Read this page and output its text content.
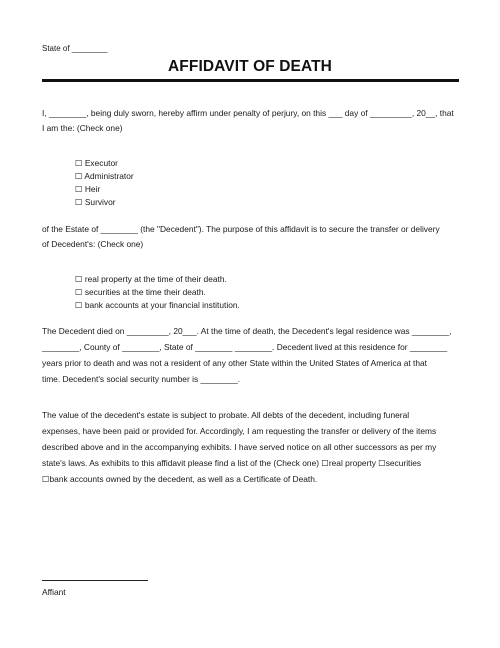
State of ________
AFFIDAVIT OF DEATH
I, ________, being duly sworn, hereby affirm under penalty of perjury, on this ___ day of _________, 20__, that
I am the: (Check one)
☐ Executor
☐ Administrator
☐ Heir
☐ Survivor
of the Estate of ________ (the "Decedent"). The purpose of this affidavit is to secure the transfer or delivery
of Decedent's: (Check one)
☐ real property at the time of their death.
☐ securities at the time their death.
☐ bank accounts at your financial institution.
The Decedent died on _________, 20___. At the time of death, the Decedent's legal residence was ________,
________, County of ________, State of ________ ________. Decedent lived at this residence for ________
years prior to death and was not a resident of any other State within the United States of America at that
time. Decedent's social security number is ________.
The value of the decedent's estate is subject to probate. All debts of the decedent, including funeral
expenses, have been paid or provided for. Accordingly, I am requesting the transfer or delivery of the items
described above and in the accompanying exhibits. I have served notice on all other successors as per my
state's laws. As exhibits to this affidavit please find a list of the (Check one) ☐real property ☐securities
☐bank accounts owned by the decedent, as well as a Certificate of Death.
Affiant
